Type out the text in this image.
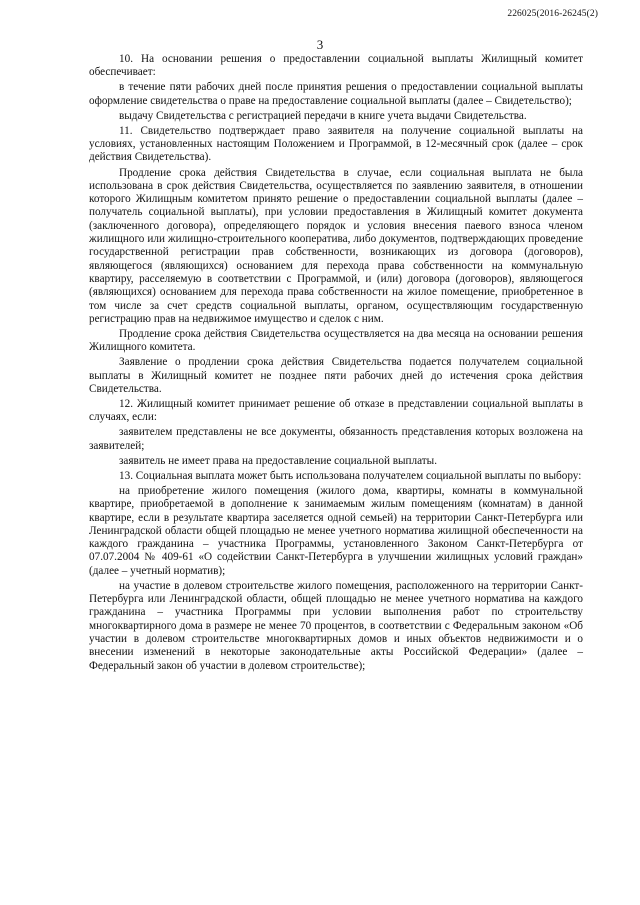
226025(2016-26245(2)
3

10. На основании решения о предоставлении социальной выплаты Жилищный комитет обеспечивает:

в течение пяти рабочих дней после принятия решения о предоставлении социальной выплаты оформление свидетельства о праве на предоставление социальной выплаты (далее – Свидетельство);

выдачу Свидетельства с регистрацией передачи в книге учета выдачи Свидетельства.

11. Свидетельство подтверждает право заявителя на получение социальной выплаты на условиях, установленных настоящим Положением и Программой, в 12-месячный срок (далее – срок действия Свидетельства).

Продление срока действия Свидетельства в случае, если социальная выплата не была использована в срок действия Свидетельства, осуществляется по заявлению заявителя, в отношении которого Жилищным комитетом принято решение о предоставлении социальной выплаты (далее – получатель социальной выплаты), при условии предоставления в Жилищный комитет документа (заключенного договора), определяющего порядок и условия внесения паевого взноса членом жилищного или жилищно-строительного кооператива, либо документов, подтверждающих проведение государственной регистрации прав собственности, возникающих из договора (договоров), являющегося (являющихся) основанием для перехода права собственности на коммунальную квартиру, расселяемую в соответствии с Программой, и (или) договора (договоров), являющегося (являющихся) основанием для перехода права собственности на жилое помещение, приобретенное в том числе за счет средств социальной выплаты, органом, осуществляющим государственную регистрацию прав на недвижимое имущество и сделок с ним.

Продление срока действия Свидетельства осуществляется на два месяца на основании решения Жилищного комитета.

Заявление о продлении срока действия Свидетельства подается получателем социальной выплаты в Жилищный комитет не позднее пяти рабочих дней до истечения срока действия Свидетельства.

12. Жилищный комитет принимает решение об отказе в представлении социальной выплаты в случаях, если:

заявителем представлены не все документы, обязанность представления которых возложена на заявителей;

заявитель не имеет права на предоставление социальной выплаты.

13. Социальная выплата может быть использована получателем социальной выплаты по выбору:

на приобретение жилого помещения (жилого дома, квартиры, комнаты в коммунальной квартире, приобретаемой в дополнение к занимаемым жилым помещениям (комнатам) в данной квартире, если в результате квартира заселяется одной семьей) на территории Санкт-Петербурга или Ленинградской области общей площадью не менее учетного норматива жилищной обеспеченности на каждого гражданина – участника Программы, установленного Законом Санкт-Петербурга от 07.07.2004 № 409-61 «О содействии Санкт-Петербурга в улучшении жилищных условий граждан» (далее – учетный норматив);

на участие в долевом строительстве жилого помещения, расположенного на территории Санкт-Петербурга или Ленинградской области, общей площадью не менее учетного норматива на каждого гражданина – участника Программы при условии выполнения работ по строительству многоквартирного дома в размере не менее 70 процентов, в соответствии с Федеральным законом «Об участии в долевом строительстве многоквартирных домов и иных объектов недвижимости и о внесении изменений в некоторые законодательные акты Российской Федерации» (далее – Федеральный закон об участии в долевом строительстве);
